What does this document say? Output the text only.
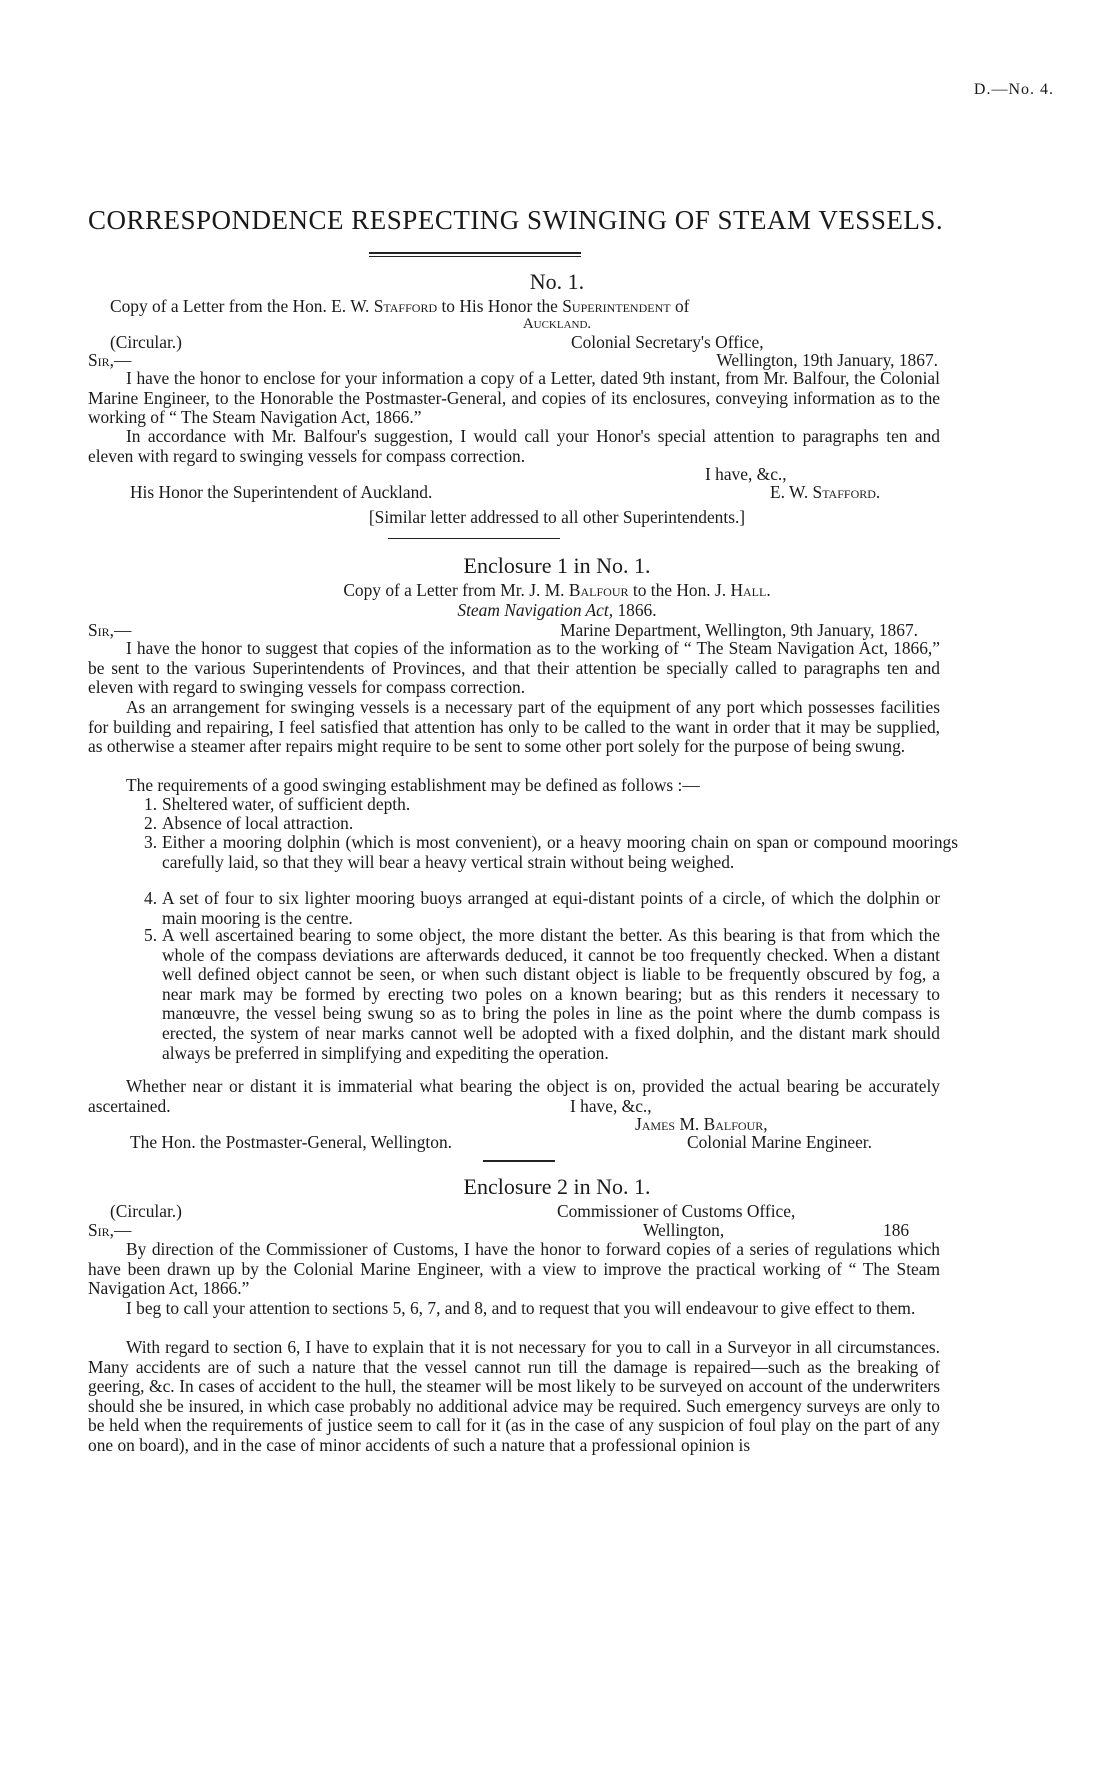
D.—No. 4.
CORRESPONDENCE RESPECTING SWINGING OF STEAM VESSELS.
No. 1.
Copy of a Letter from the Hon. E. W. Stafford to His Honor the Superintendent of
Auckland.
(Circular.)	Colonial Secretary's Office,
Sir,—	Wellington, 19th January, 1867.
I have the honor to enclose for your information a copy of a Letter, dated 9th instant, from Mr. Balfour, the Colonial Marine Engineer, to the Honorable the Postmaster-General, and copies of its enclosures, conveying information as to the working of “ The Steam Navigation Act, 1866.”
In accordance with Mr. Balfour's suggestion, I would call your Honor's special attention to paragraphs ten and eleven with regard to swinging vessels for compass correction.
I have, &c.,
His Honor the Superintendent of Auckland.	E. W. Stafford.
[Similar letter addressed to all other Superintendents.]
Enclosure 1 in No. 1.
Copy of a Letter from Mr. J. M. Balfour to the Hon. J. Hall.
Steam Navigation Act, 1866.
Sir,—	Marine Department, Wellington, 9th January, 1867.
I have the honor to suggest that copies of the information as to the working of “ The Steam Navigation Act, 1866,” be sent to the various Superintendents of Provinces, and that their attention be specially called to paragraphs ten and eleven with regard to swinging vessels for compass correction.
As an arrangement for swinging vessels is a necessary part of the equipment of any port which possesses facilities for building and repairing, I feel satisfied that attention has only to be called to the want in order that it may be supplied, as otherwise a steamer after repairs might require to be sent to some other port solely for the purpose of being swung.
The requirements of a good swinging establishment may be defined as follows :—
1. Sheltered water, of sufficient depth.
2. Absence of local attraction.
3. Either a mooring dolphin (which is most convenient), or a heavy mooring chain on span or compound moorings carefully laid, so that they will bear a heavy vertical strain without being weighed.
4. A set of four to six lighter mooring buoys arranged at equi-distant points of a circle, of which the dolphin or main mooring is the centre.
5. A well ascertained bearing to some object, the more distant the better. As this bearing is that from which the whole of the compass deviations are afterwards deduced, it cannot be too frequently checked. When a distant well defined object cannot be seen, or when such distant object is liable to be frequently obscured by fog, a near mark may be formed by erecting two poles on a known bearing; but as this renders it necessary to manœuvre, the vessel being swung so as to bring the poles in line as the point where the dumb compass is erected, the system of near marks cannot well be adopted with a fixed dolphin, and the distant mark should always be preferred in simplifying and expediting the operation.
Whether near or distant it is immaterial what bearing the object is on, provided the actual bearing be accurately ascertained.	I have, &c.,
James M. Balfour,
The Hon. the Postmaster-General, Wellington.	Colonial Marine Engineer.
Enclosure 2 in No. 1.
(Circular.)	Commissioner of Customs Office,
Sir,—	Wellington,	186
By direction of the Commissioner of Customs, I have the honor to forward copies of a series of regulations which have been drawn up by the Colonial Marine Engineer, with a view to improve the practical working of “ The Steam Navigation Act, 1866.”
I beg to call your attention to sections 5, 6, 7, and 8, and to request that you will endeavour to give effect to them.
With regard to section 6, I have to explain that it is not necessary for you to call in a Surveyor in all circumstances. Many accidents are of such a nature that the vessel cannot run till the damage is repaired—such as the breaking of geering, &c. In cases of accident to the hull, the steamer will be most likely to be surveyed on account of the underwriters should she be insured, in which case probably no additional advice may be required. Such emergency surveys are only to be held when the requirements of justice seem to call for it (as in the case of any suspicion of foul play on the part of any one on board), and in the case of minor accidents of such a nature that a professional opinion is
